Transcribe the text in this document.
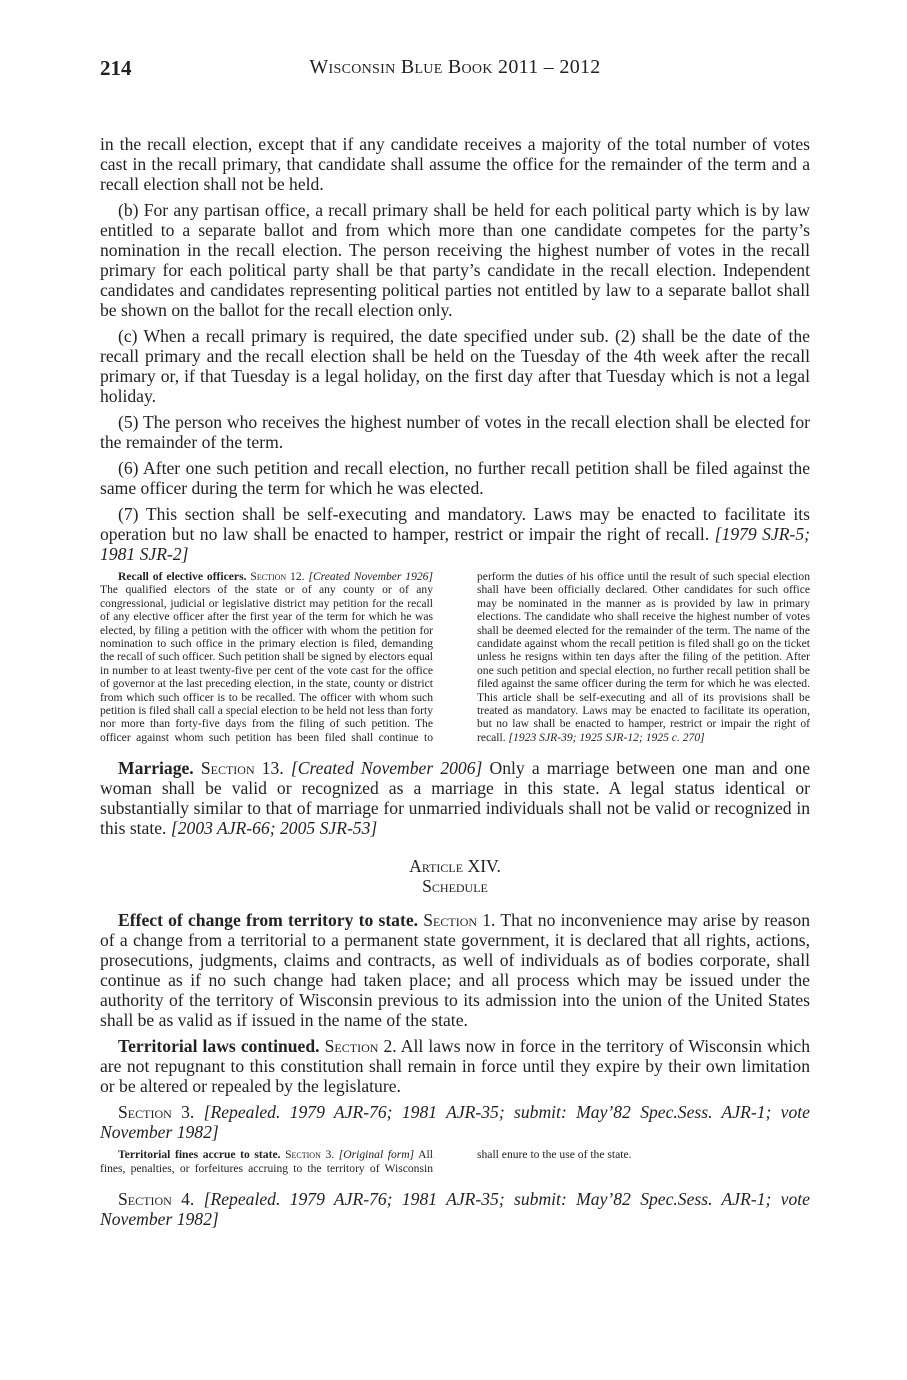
214	Wisconsin Blue Book 2011 – 2012

in the recall election, except that if any candidate receives a majority of the total number of votes cast in the recall primary, that candidate shall assume the office for the remainder of the term and a recall election shall not be held.

(b) For any partisan office, a recall primary shall be held for each political party which is by law entitled to a separate ballot and from which more than one candidate competes for the party’s nomination in the recall election. The person receiving the highest number of votes in the recall primary for each political party shall be that party’s candidate in the recall election. Independent candidates and candidates representing political parties not entitled by law to a separate ballot shall be shown on the ballot for the recall election only.

(c) When a recall primary is required, the date specified under sub. (2) shall be the date of the recall primary and the recall election shall be held on the Tuesday of the 4th week after the recall primary or, if that Tuesday is a legal holiday, on the first day after that Tuesday which is not a legal holiday.

(5) The person who receives the highest number of votes in the recall election shall be elected for the remainder of the term.

(6) After one such petition and recall election, no further recall petition shall be filed against the same officer during the term for which he was elected.

(7) This section shall be self-executing and mandatory. Laws may be enacted to facilitate its operation but no law shall be enacted to hamper, restrict or impair the right of recall. [1979 SJR-5; 1981 SJR-2]

Recall of elective officers. Section 12. [Created November 1926] The qualified electors of the state or of any county or of any congressional, judicial or legislative district may petition for the recall of any elective officer after the first year of the term for which he was elected, by filing a petition with the officer with whom the petition for nomination to such office in the primary election is filed, demanding the recall of such officer. Such petition shall be signed by electors equal in number to at least twenty-five per cent of the vote cast for the office of governor at the last preceding election, in the state, county or district from which such officer is to be recalled. The officer with whom such petition is filed shall call a special election to be held not less than forty nor more than forty-five days from the filing of such petition. The officer against whom such petition has been filed shall continue to perform the duties of his office until the result of such special election shall have been officially declared. Other candidates for such office may be nominated in the manner as is provided by law in primary elections. The candidate who shall receive the highest number of votes shall be deemed elected for the remainder of the term. The name of the candidate against whom the recall petition is filed shall go on the ticket unless he resigns within ten days after the filing of the petition. After one such petition and special election, no further recall petition shall be filed against the same officer during the term for which he was elected. This article shall be self-executing and all of its provisions shall be treated as mandatory. Laws may be enacted to facilitate its operation, but no law shall be enacted to hamper, restrict or impair the right of recall. [1923 SJR-39; 1925 SJR-12; 1925 c. 270]

Marriage. Section 13. [Created November 2006] Only a marriage between one man and one woman shall be valid or recognized as a marriage in this state. A legal status identical or substantially similar to that of marriage for unmarried individuals shall not be valid or recognized in this state. [2003 AJR-66; 2005 SJR-53]

Article XIV.
Schedule

Effect of change from territory to state. Section 1. That no inconvenience may arise by reason of a change from a territorial to a permanent state government, it is declared that all rights, actions, prosecutions, judgments, claims and contracts, as well of individuals as of bodies corporate, shall continue as if no such change had taken place; and all process which may be issued under the authority of the territory of Wisconsin previous to its admission into the union of the United States shall be as valid as if issued in the name of the state.

Territorial laws continued. Section 2. All laws now in force in the territory of Wisconsin which are not repugnant to this constitution shall remain in force until they expire by their own limitation or be altered or repealed by the legislature.

Section 3. [Repealed. 1979 AJR-76; 1981 AJR-35; submit: May’82 Spec.Sess. AJR-1; vote November 1982]

Territorial fines accrue to state. Section 3. [Original form] All fines, penalties, or forfeitures accruing to the territory of Wisconsin shall enure to the use of the state.

Section 4. [Repealed. 1979 AJR-76; 1981 AJR-35; submit: May’82 Spec.Sess. AJR-1; vote November 1982]
